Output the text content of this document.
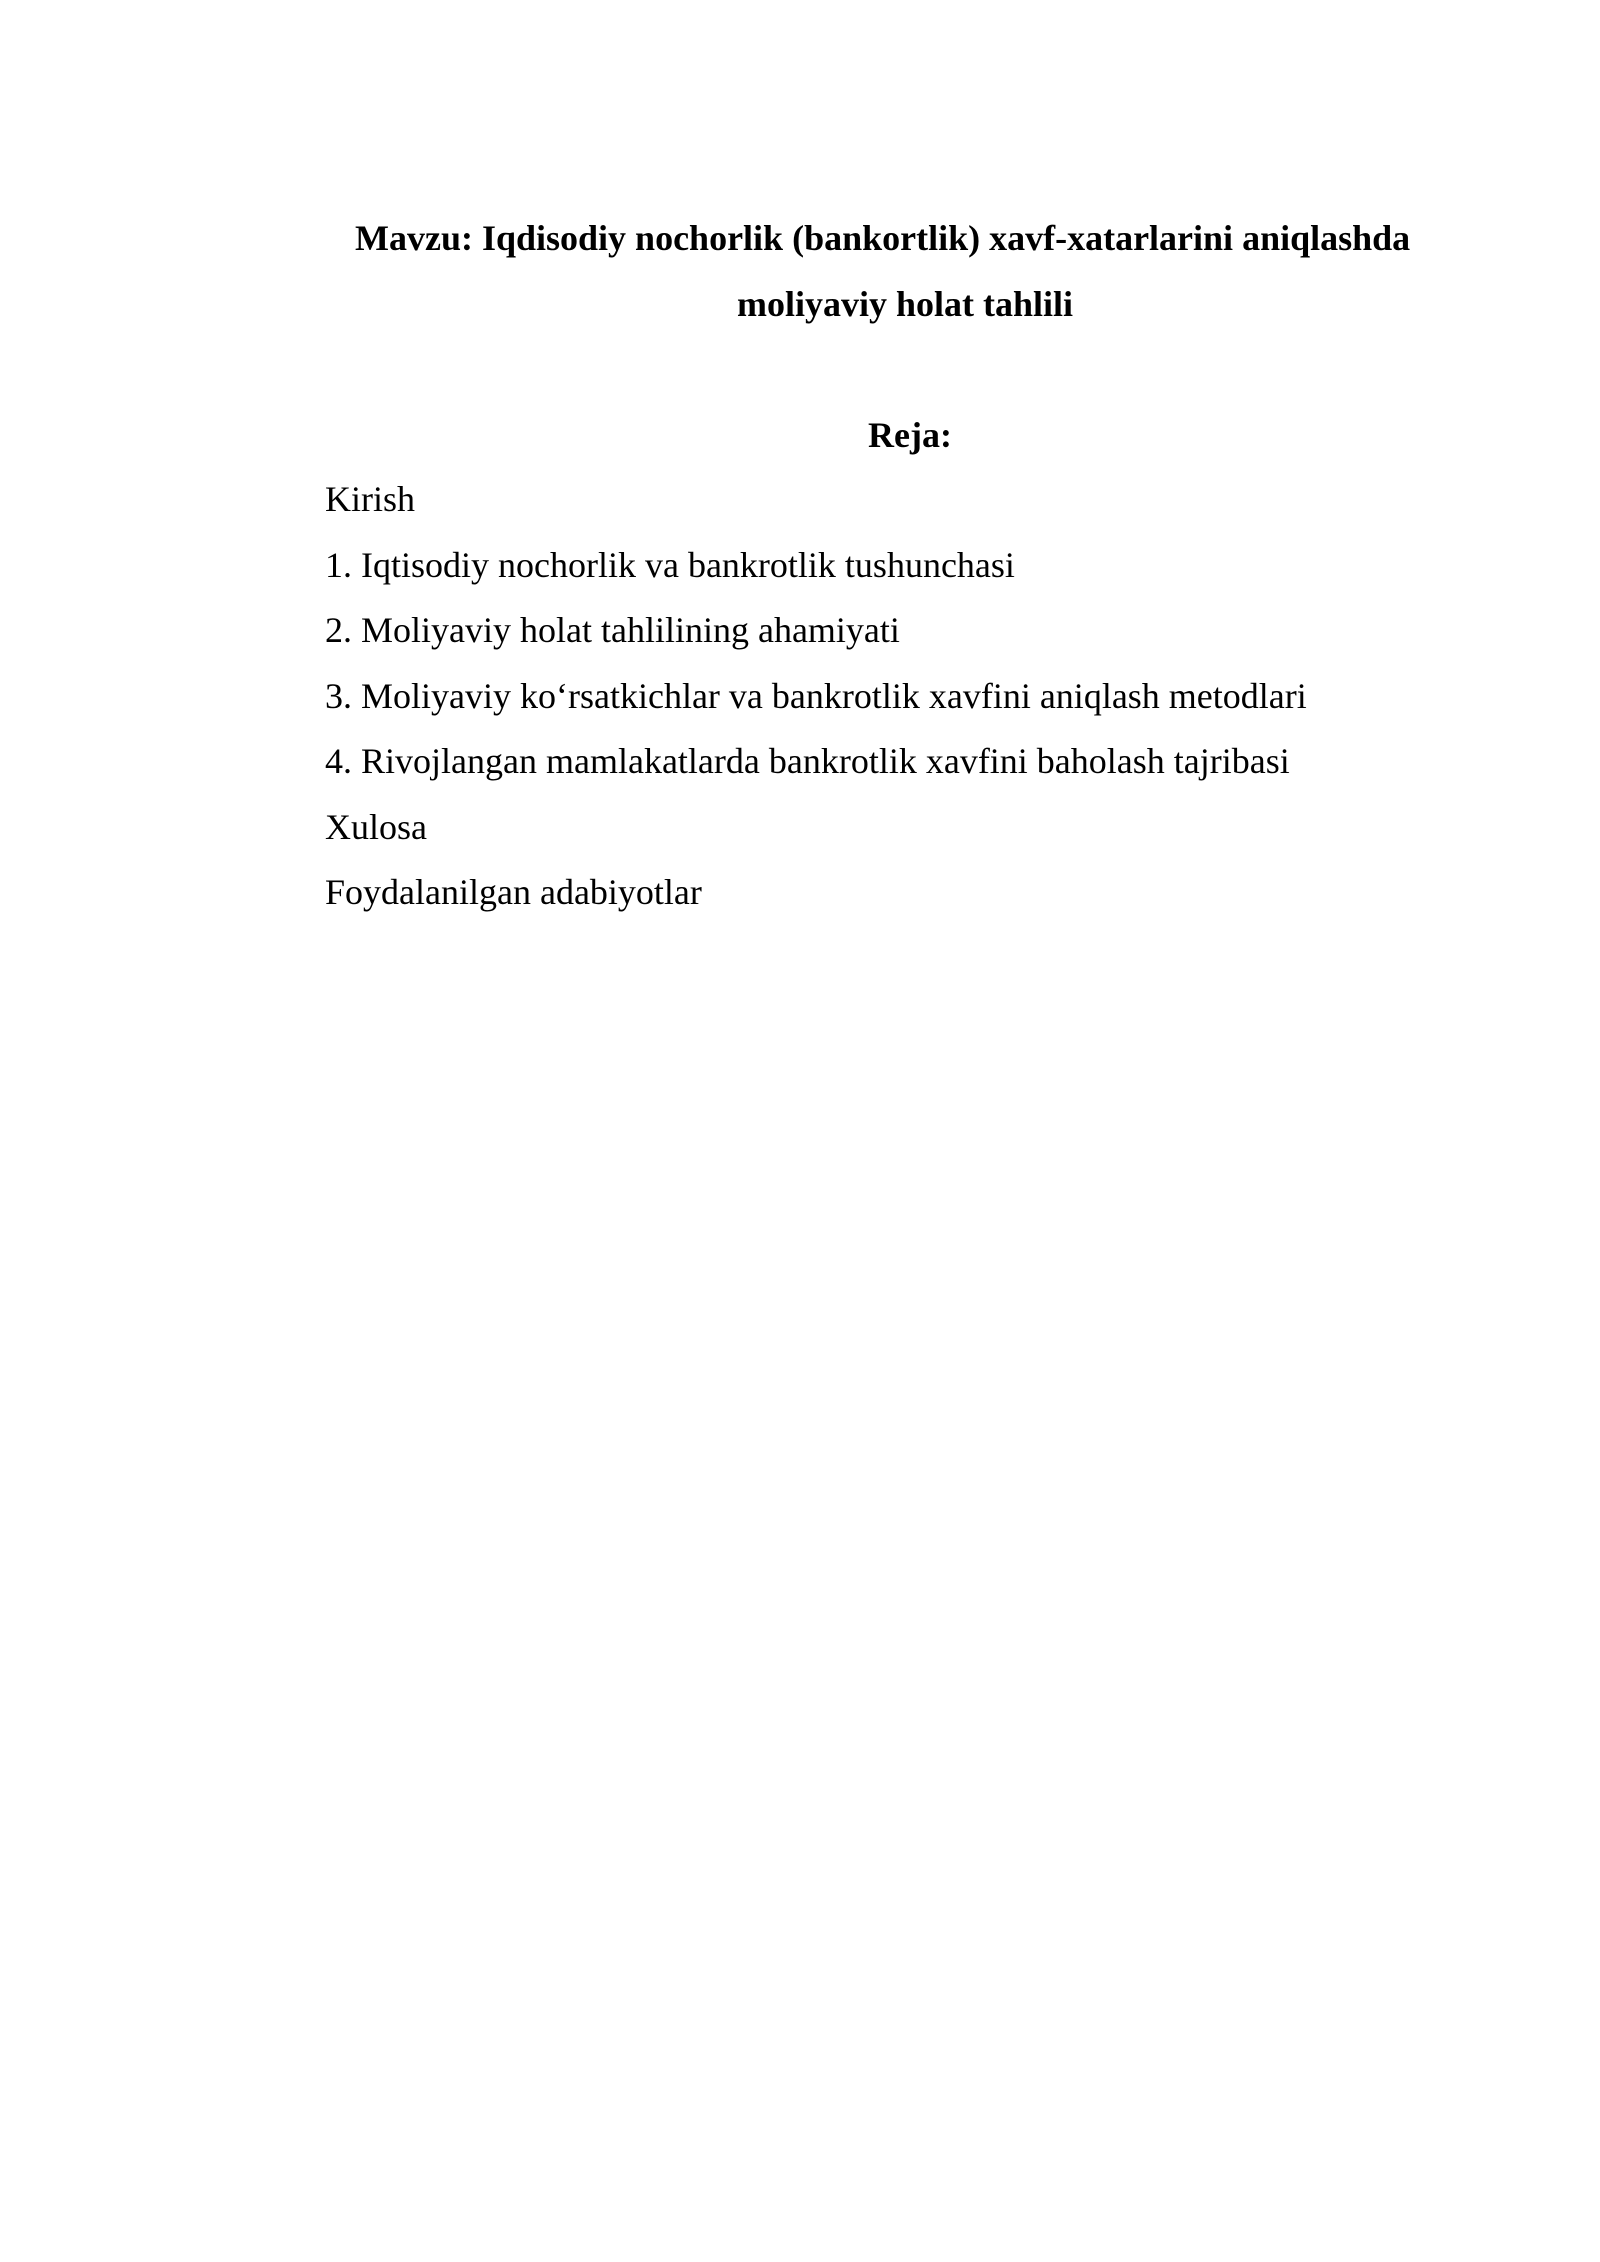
Mavzu: Iqdisodiy nochorlik (bankortlik) xavf-xatarlarini aniqlashda
moliyaviy holat tahlili
Reja:
Kirish
1. Iqtisodiy nochorlik va bankrotlik tushunchasi
2. Moliyaviy holat tahlilining ahamiyati
3. Moliyaviy ko‘rsatkichlar va bankrotlik xavfini aniqlash metodlari
4. Rivojlangan mamlakatlarda bankrotlik xavfini baholash tajribasi
Xulosa
Foydalanilgan adabiyotlar
